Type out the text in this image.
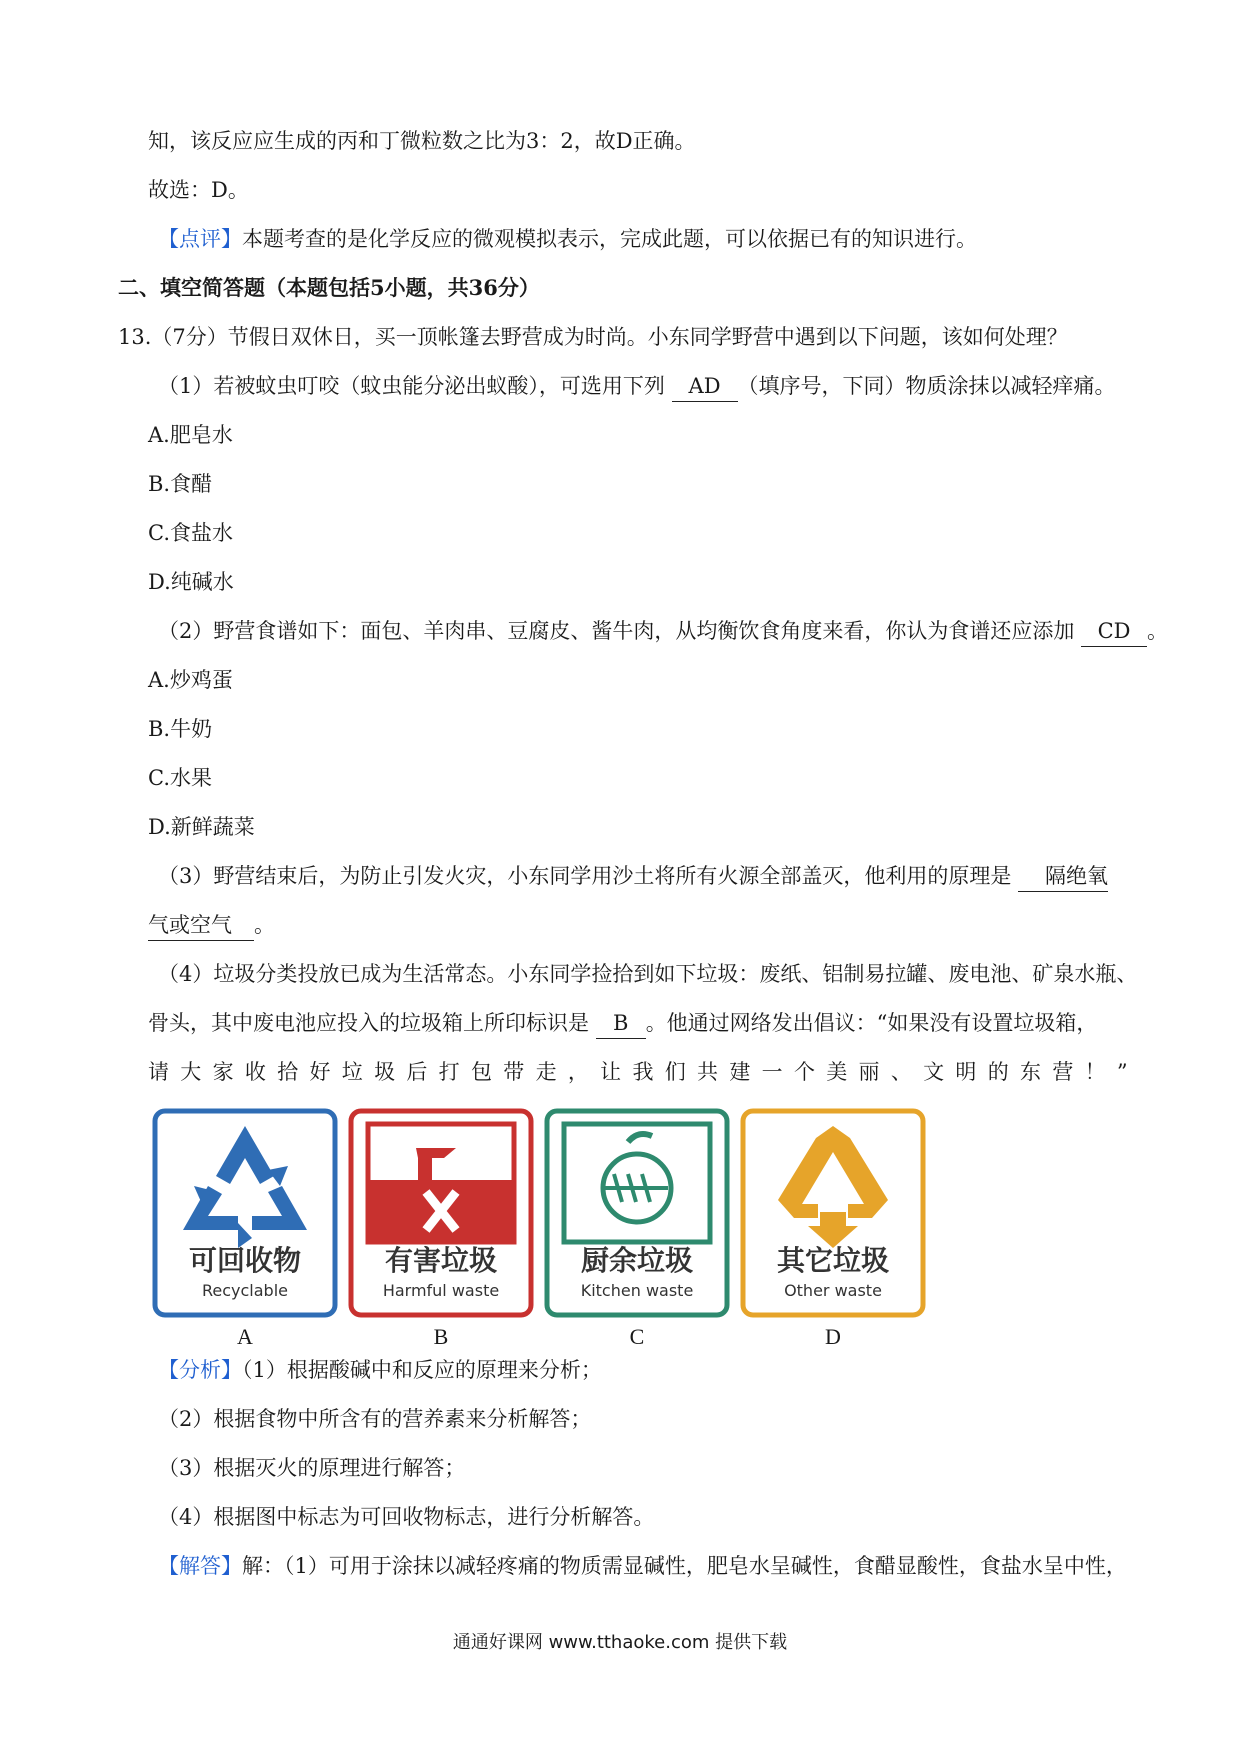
知，该反应应生成的丙和丁微粒数之比为3：2，故D正确。
故选：D。
【点评】本题考查的是化学反应的微观模拟表示，完成此题，可以依据已有的知识进行。
二、填空简答题（本题包括5小题，共36分）
13.（7分）节假日双休日，买一顶帐篷去野营成为时尚。小东同学野营中遇到以下问题，该如何处理？
（1）若被蚊虫叮咬（蚊虫能分泌出蚁酸），可选用下列 AD （填序号，下同）物质涂抹以减轻痒痛。
A.肥皂水
B.食醋
C.食盐水
D.纯碱水
（2）野营食谱如下：面包、羊肉串、豆腐皮、酱牛肉，从均衡饮食角度来看，你认为食谱还应添加 CD 。
A.炒鸡蛋
B.牛奶
C.水果
D.新鲜蔬菜
（3）野营结束后，为防止引发火灾，小东同学用沙土将所有火源全部盖灭，他利用的原理是 隔绝氧
气或空气 。
（4）垃圾分类投放已成为生活常态。小东同学捡拾到如下垃圾：废纸、铝制易拉罐、废电池、矿泉水瓶、
骨头，其中废电池应投入的垃圾箱上所印标识是 B 。他通过网络发出倡议：“如果没有设置垃圾箱，
请 大 家 收 拾 好 垃 圾 后 打 包 带 走 ， 让 我 们 共 建 一 个 美 丽 、 文 明 的 东 营 ！ ”
可回收物
Recyclable
有害垃圾
Harmful waste
厨余垃圾
Kitchen waste
其它垃圾
Other waste
A	B	C	D
【分析】（1）根据酸碱中和反应的原理来分析；
（2）根据食物中所含有的营养素来分析解答；
（3）根据灭火的原理进行解答；
（4）根据图中标志为可回收物标志，进行分析解答。
【解答】解：（1）可用于涂抹以减轻疼痛的物质需显碱性，肥皂水呈碱性，食醋显酸性，食盐水呈中性，
通通好课网 www.tthaoke.com 提供下载
